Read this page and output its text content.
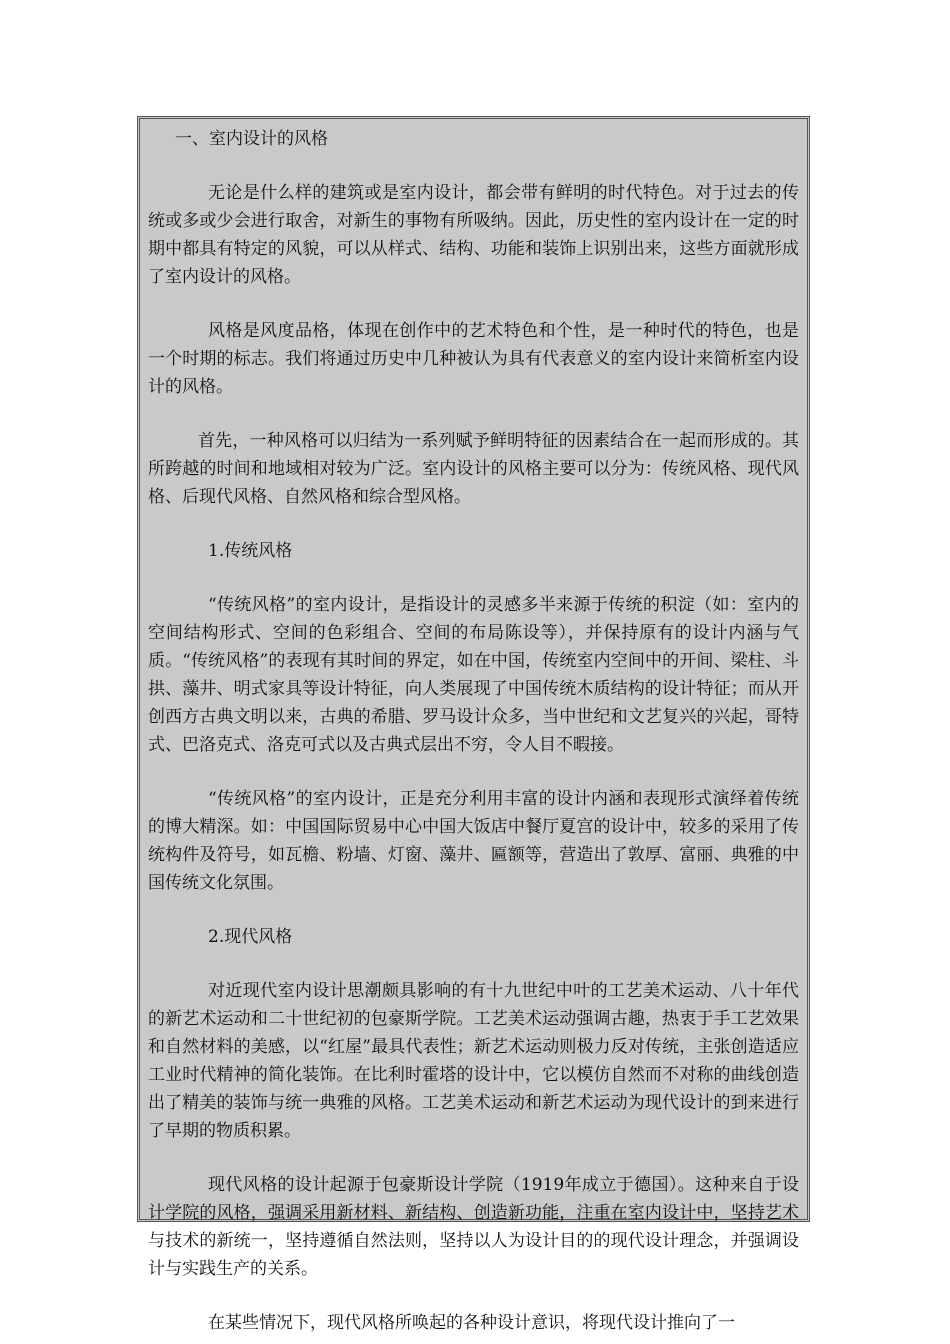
一、室内设计的风格

无论是什么样的建筑或是室内设计，都会带有鲜明的时代特色。对于过去的传统或多或少会进行取舍，对新生的事物有所吸纳。因此，历史性的室内设计在一定的时期中都具有特定的风貌，可以从样式、结构、功能和装饰上识别出来，这些方面就形成了室内设计的风格。

风格是风度品格，体现在创作中的艺术特色和个性，是一种时代的特色，也是一个时期的标志。我们将通过历史中几种被认为具有代表意义的室内设计来简析室内设计的风格。

首先，一种风格可以归结为一系列赋予鲜明特征的因素结合在一起而形成的。其所跨越的时间和地域相对较为广泛。室内设计的风格主要可以分为：传统风格、现代风格、后现代风格、自然风格和综合型风格。

1.传统风格

“传统风格”的室内设计，是指设计的灵感多半来源于传统的积淀（如：室内的空间结构形式、空间的色彩组合、空间的布局陈设等），并保持原有的设计内涵与气质。“传统风格”的表现有其时间的界定，如在中国，传统室内空间中的开间、梁柱、斗拱、藻井、明式家具等设计特征，向人类展现了中国传统木质结构的设计特征；而从开创西方古典文明以来，古典的希腊、罗马设计众多，当中世纪和文艺复兴的兴起，哥特式、巴洛克式、洛克可式以及古典式层出不穷，令人目不暇接。

“传统风格”的室内设计，正是充分利用丰富的设计内涵和表现形式演绎着传统的博大精深。如：中国国际贸易中心中国大饭店中餐厅夏宫的设计中，较多的采用了传统构件及符号，如瓦檐、粉墙、灯窗、藻井、匾额等，营造出了敦厚、富丽、典雅的中国传统文化氛围。

2.现代风格

对近现代室内设计思潮颇具影响的有十九世纪中叶的工艺美术运动、八十年代的新艺术运动和二十世纪初的包豪斯学院。工艺美术运动强调古趣，热衷于手工艺效果和自然材料的美感，以“红屋”最具代表性；新艺术运动则极力反对传统，主张创造适应工业时代精神的简化装饰。在比利时霍塔的设计中，它以模仿自然而不对称的曲线创造出了精美的装饰与统一典雅的风格。工艺美术运动和新艺术运动为现代设计的到来进行了早期的物质积累。

现代风格的设计起源于包豪斯设计学院（1919年成立于德国）。这种来自于设计学院的风格，强调采用新材料、新结构、创造新功能，注重在室内设计中，坚持艺术与技术的新统一，坚持遵循自然法则，坚持以人为设计目的的现代设计理念，并强调设计与实践生产的关系。

在某些情况下，现代风格所唤起的各种设计意识，将现代设计推向了一
